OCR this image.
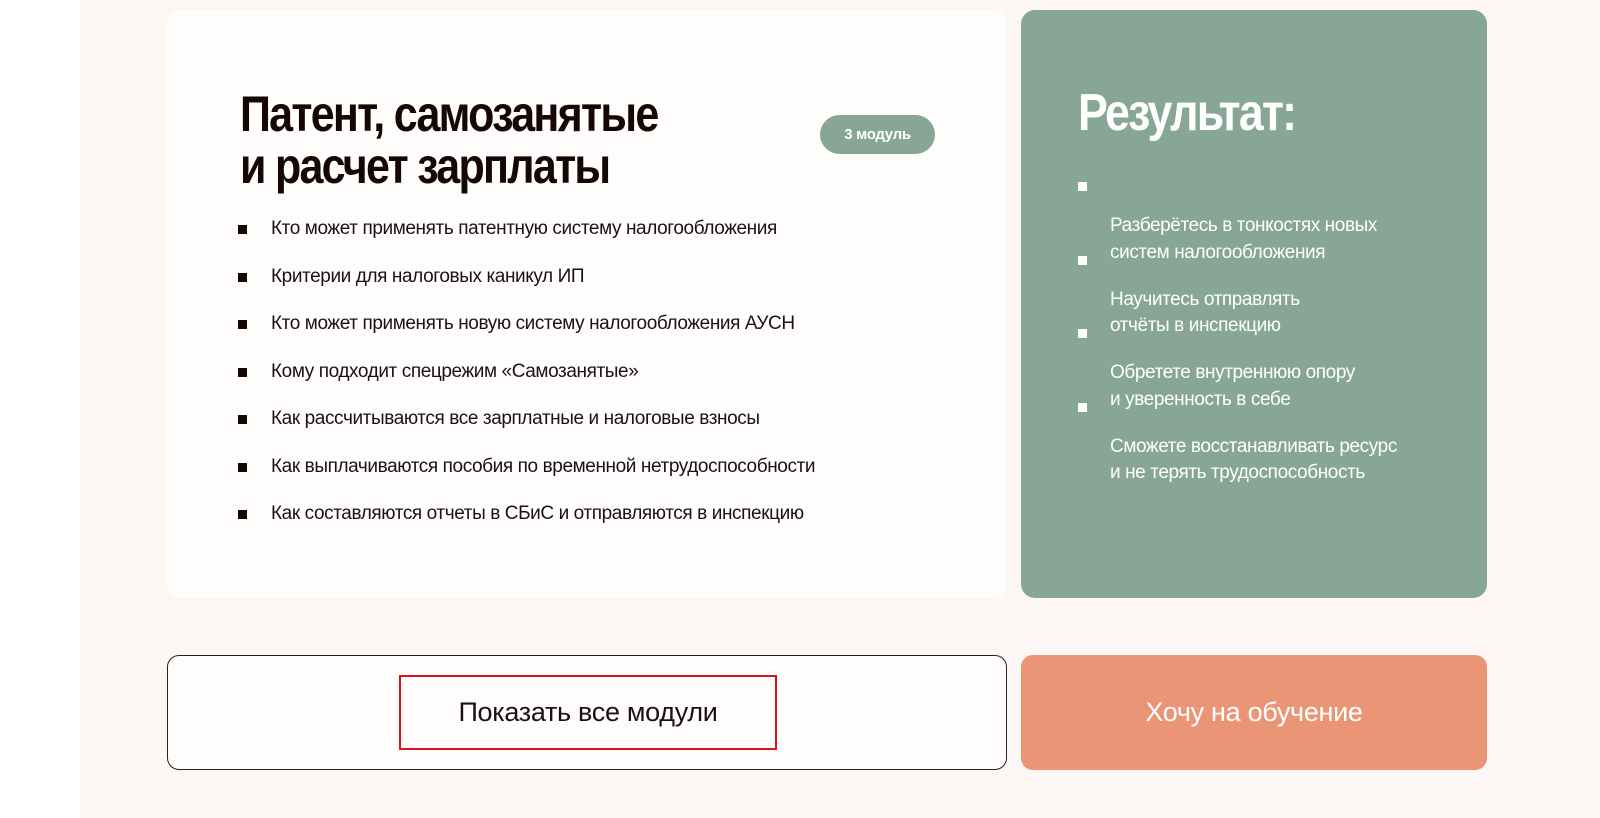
Патент, самозанятые и расчет зарплаты
3 модуль
Кто может применять патентную систему налогообложения
Критерии для налоговых каникул ИП
Кто может применять новую систему налогообложения АУСН
Кому подходит спецрежим «Самозанятые»
Как рассчитываются все зарплатные и налоговые взносы
Как выплачиваются пособия по временной нетрудоспособности
Как составляются отчеты в СБиС и отправляются в инспекцию
Результат:

Разберётесь в тонкостях новых
систем налогообложения

Научитесь отправлять
отчёты в инспекцию

Обретете внутреннюю опору
и уверенность в себе

Сможете восстанавливать ресурс
и не терять трудоспособность

Показать все модули	Хочу на обучение
